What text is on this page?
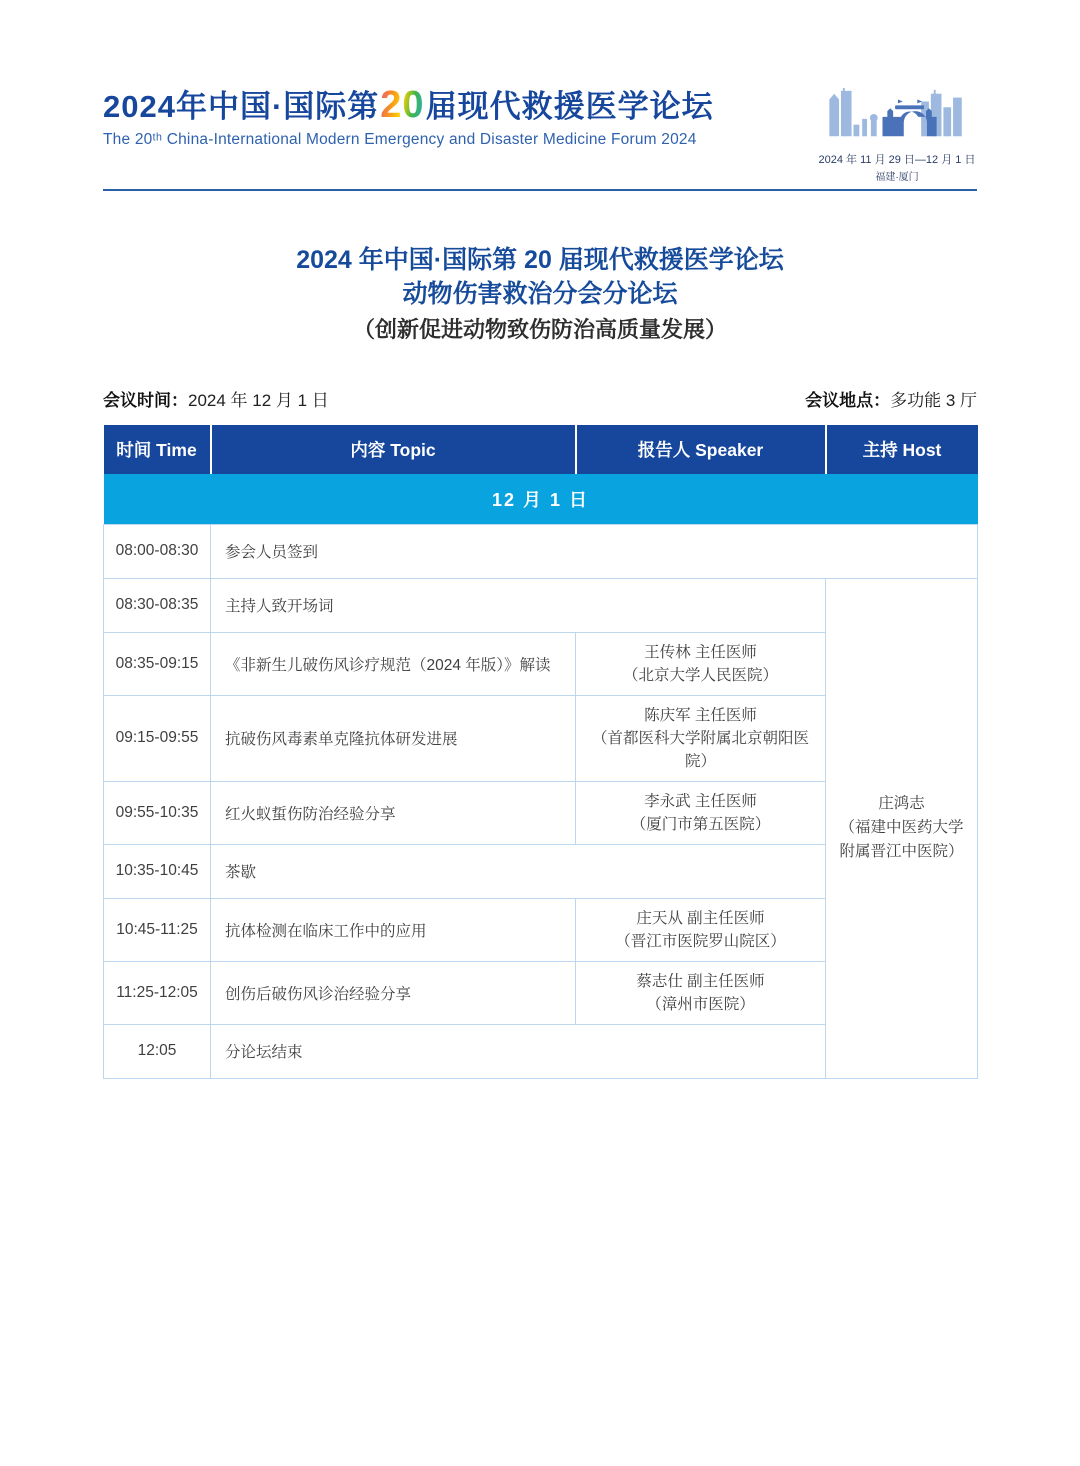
2024年中国·国际第20届现代救援医学论坛
The 20ᵗʰ China-International Modern Emergency and Disaster Medicine Forum 2024
2024 年 11 月 29 日—12 月 1 日
福建·厦门
2024 年中国·国际第 20 届现代救援医学论坛
动物伤害救治分会分论坛
（创新促进动物致伤防治高质量发展）
会议时间：2024 年 12 月 1 日	会议地点：多功能 3 厅
时间 Time	内容 Topic	报告人 Speaker	主持 Host
12 月 1 日			
08:00-08:30	参会人员签到		
08:30-08:35	主持人致开场词		庄鸿志
（福建中医药大学
附属晋江中医院）

08:35-09:15	《非新生儿破伤风诊疗规范（2024 年版）》解读	王传林 主任医师
（北京大学人民医院）	

09:15-09:55	抗破伤风毒素单克隆抗体研发进展	陈庆军 主任医师
（首都医科大学附属北京朝阳医院）	

09:55-10:35	红火蚁蜇伤防治经验分享	李永武 主任医师
（厦门市第五医院）	

10:35-10:45	茶歇		
10:45-11:25	抗体检测在临床工作中的应用	庄天从 副主任医师
（晋江市医院罗山院区）	

11:25-12:05	创伤后破伤风诊治经验分享	蔡志仕 副主任医师
（漳州市医院）	

12:05	分论坛结束		
